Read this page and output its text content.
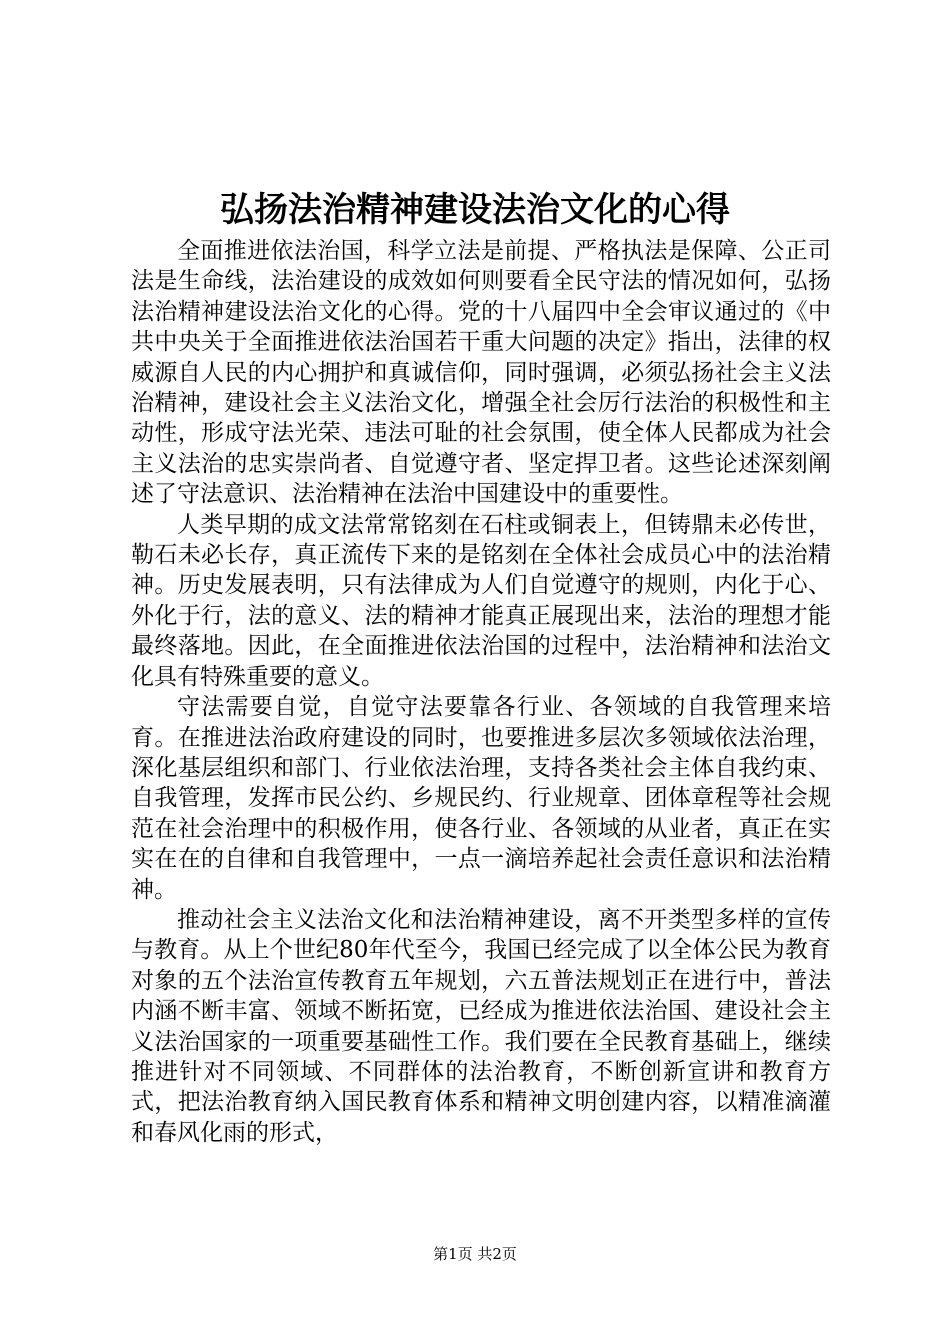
弘扬法治精神建设法治文化的心得

全面推进依法治国，科学立法是前提、严格执法是保障、公正司法是生命线，法治建设的成效如何则要看全民守法的情况如何，弘扬法治精神建设法治文化的心得。党的十八届四中全会审议通过的《中共中央关于全面推进依法治国若干重大问题的决定》指出，法律的权威源自人民的内心拥护和真诚信仰，同时强调，必须弘扬社会主义法治精神，建设社会主义法治文化，增强全社会厉行法治的积极性和主动性，形成守法光荣、违法可耻的社会氛围，使全体人民都成为社会主义法治的忠实崇尚者、自觉遵守者、坚定捍卫者。这些论述深刻阐述了守法意识、法治精神在法治中国建设中的重要性。

人类早期的成文法常常铭刻在石柱或铜表上，但铸鼎未必传世，勒石未必长存，真正流传下来的是铭刻在全体社会成员心中的法治精神。历史发展表明，只有法律成为人们自觉遵守的规则，内化于心、外化于行，法的意义、法的精神才能真正展现出来，法治的理想才能最终落地。因此，在全面推进依法治国的过程中，法治精神和法治文化具有特殊重要的意义。

守法需要自觉，自觉守法要靠各行业、各领域的自我管理来培育。在推进法治政府建设的同时，也要推进多层次多领域依法治理，深化基层组织和部门、行业依法治理，支持各类社会主体自我约束、自我管理，发挥市民公约、乡规民约、行业规章、团体章程等社会规范在社会治理中的积极作用，使各行业、各领域的从业者，真正在实实在在的自律和自我管理中，一点一滴培养起社会责任意识和法治精神。

推动社会主义法治文化和法治精神建设，离不开类型多样的宣传与教育。从上个世纪80年代至今，我国已经完成了以全体公民为教育对象的五个法治宣传教育五年规划，六五普法规划正在进行中，普法内涵不断丰富、领域不断拓宽，已经成为推进依法治国、建设社会主义法治国家的一项重要基础性工作。我们要在全民教育基础上，继续推进针对不同领域、不同群体的法治教育，不断创新宣讲和教育方式，把法治教育纳入国民教育体系和精神文明创建内容，以精准滴灌和春风化雨的形式，

第1页 共2页
